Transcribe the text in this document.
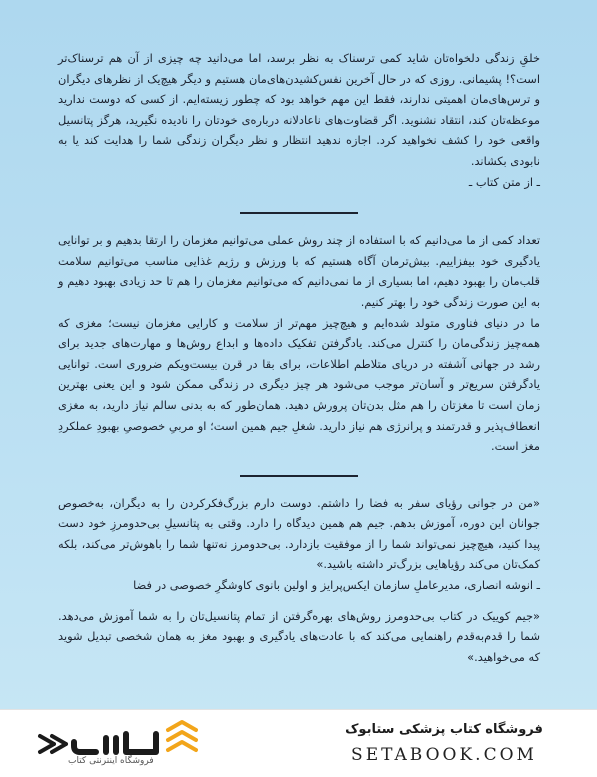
خلقِ زندگی دلخواه‌تان شاید کمی ترسناک به نظر برسد، اما می‌دانید چه چیزی از آن هم ترسناک‌تر است؟! پشیمانی. روزی که در حال آخرین نفس‌کشیدن‌های‌مان هستیم و دیگر هیچ‌یک از نظرهای دیگران و ترس‌های‌مان اهمیتی ندارند، فقط این مهم خواهد بود که چطور زیسته‌ایم. از کسی که دوست ندارید موعظه‌تان کند، انتقاد نشنوید. اگر قضاوت‌های ناعادلانه درباره‌ی خودتان را نادیده نگیرید، هرگز پتانسیل واقعی خود را کشف نخواهید کرد. اجازه ندهید انتظار و نظر دیگران زندگی شما را هدایت کند یا به نابودی بکشاند.

ـ از متن کتاب ـ

تعداد کمی از ما می‌دانیم که با استفاده از چند روش عملی می‌توانیم مغزمان را ارتقا بدهیم و بر توانایی یادگیری خود بیفزاییم. بیش‌تر‌مان آگاه هستیم که با ورزش و رژیم غذایی مناسب می‌توانیم سلامت قلب‌مان را بهبود دهیم، اما بسیاری از ما نمی‌دانیم که می‌توانیم مغزمان را هم تا حد زیادی بهبود دهیم و به این صورت زندگی خود را بهتر کنیم.

ما در دنیای فناوری متولد شده‌ایم و هیچ‌چیز مهم‌تر از سلامت و کارایی مغزمان نیست؛ مغزی که همه‌چیز زندگی‌مان را کنترل می‌کند. یادگرفتن تفکیک داده‌ها و ابداع روش‌ها و مهارت‌های جدید برای رشد در جهانی آشفته در دریای متلاطم اطلاعات، برای بقا در قرن بیست‌ویکم ضروری است. توانایی یادگرفتن سریع‌تر و آسان‌تر موجب می‌شود هر چیز دیگری در زندگی ممکن شود و این یعنی بهترین زمان است تا مغزتان را هم مثل بدن‌تان پرورش دهید. همان‌طور که به بدنی سالم نیاز دارید، به مغزی انعطاف‌پذیر و قدرتمند و پرانرژی هم نیاز دارید. شغلِ جیم همین است؛ او مربیِ خصوصیِ بهبودِ عملکردِ مغز است.

«من در جوانی رؤیای سفر به فضا را داشتم. دوست دارم بزرگ‌فکرکردن را به دیگران، به‌خصوص جوانان این دوره، آموزش بدهم. جیم هم همین دیدگاه را دارد. وقتی به پتانسیلِ بی‌حدومرزِ خود دست پیدا کنید، هیچ‌چیز نمی‌تواند شما را از موفقیت بازدارد. بی‌حدومرز نه‌تنها شما را باهوش‌تر می‌کند، بلکه کمک‌تان می‌کند رؤیاهایی بزرگ‌تر داشته باشید.»

ـ انوشه انصاری، مدیرعاملِ سازمان ایکس‌پرایز و اولین بانوی کاوشگرِ خصوصی در فضا

«جیم کوییک در کتاب بی‌حدومرز روش‌های بهره‌گرفتن از تمام پتانسیل‌تان را به شما آموزش می‌دهد. شما را قدم‌به‌قدم راهنمایی می‌کند که با عادت‌های یادگیری و بهبود مغز به همان شخصی تبدیل شوید که می‌خواهید.»

فروشگاه اینترنتی کتاب
فروشگاه کتاب پزشکی ستابوک
SETABOOK.COM
